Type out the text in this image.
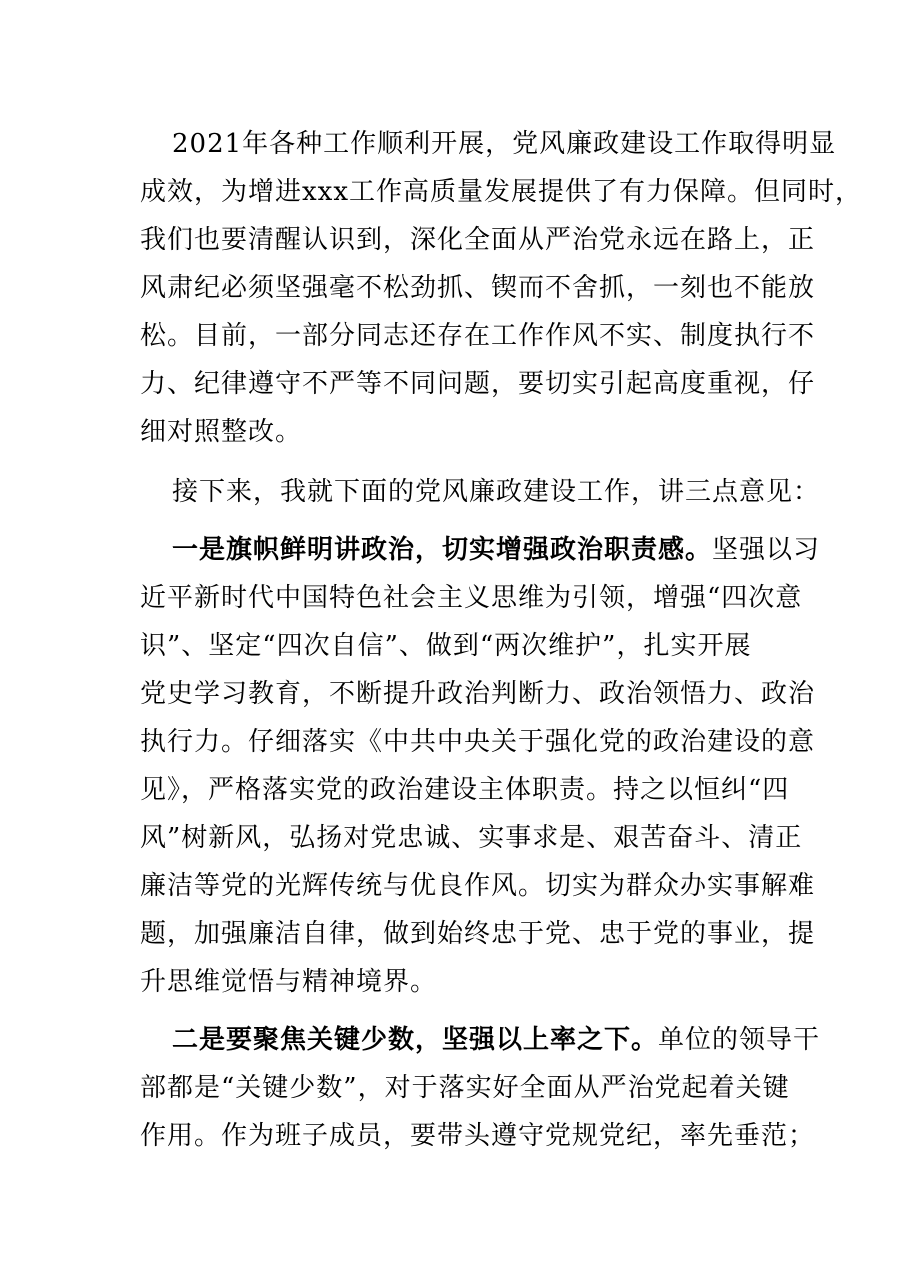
2021年各种工作顺利开展，党风廉政建设工作取得明显
成效，为增进xxx工作高质量发展提供了有力保障。但同时，
我们也要清醒认识到，深化全面从严治党永远在路上，正
风肃纪必须坚强毫不松劲抓、锲而不舍抓，一刻也不能放
松。目前，一部分同志还存在工作作风不实、制度执行不
力、纪律遵守不严等不同问题，要切实引起高度重视，仔
细对照整改。
接下来，我就下面的党风廉政建设工作，讲三点意见：
一是旗帜鲜明讲政治，切实增强政治职责感。坚强以习
近平新时代中国特色社会主义思维为引领，增强“四次意
识”、坚定“四次自信”、做到“两次维护”，扎实开展
党史学习教育，不断提升政治判断力、政治领悟力、政治
执行力。仔细落实《中共中央关于强化党的政治建设的意
见》，严格落实党的政治建设主体职责。持之以恒纠“四
风”树新风，弘扬对党忠诚、实事求是、艰苦奋斗、清正
廉洁等党的光辉传统与优良作风。切实为群众办实事解难
题，加强廉洁自律，做到始终忠于党、忠于党的事业，提
升思维觉悟与精神境界。
二是要聚焦关键少数，坚强以上率之下。单位的领导干
部都是“关键少数”，对于落实好全面从严治党起着关键
作用。作为班子成员，要带头遵守党规党纪，率先垂范；
